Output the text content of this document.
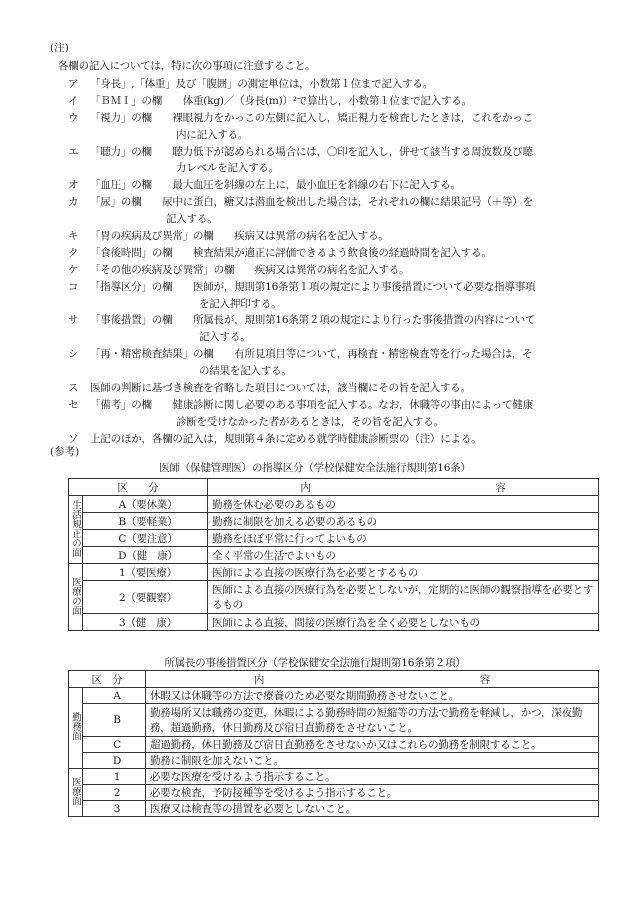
(注)
各欄の記入については，特に次の事項に注意すること。
ア 「身長」,「体重」及び「腹囲」の測定単位は，小数第１位まで記入する。
イ 「ＢＭＩ」の欄　　体重(kg)／（身長(m)）²で算出し，小数第１位まで記入する。
ウ 「視力」の欄　　裸眼視力をかっこの左側に記入し，矯正視力を検査したときは，これをかっこ
内に記入する。
エ 「聴力」の欄　　聴力低下が認められる場合には，〇印を記入し，併せて該当する周波数及び聴
力レベルを記入する。
オ 「血圧」の欄　　最大血圧を斜線の左上に，最小血圧を斜線の右下に記入する。
カ 「尿」の欄　　尿中に蛋白，糖又は潜血を検出した場合は，それぞれの欄に結果記号（＋等）を
記入する。
キ 「胃の疾病及び異常」の欄　　疾病又は異常の病名を記入する。
ク 「食後時間」の欄　　検査結果が適正に評価できるよう飲食後の経過時間を記入する。
ケ 「その他の疾病及び異常」の欄　　疾病又は異常の病名を記入する。
コ 「指導区分」の欄　　医師が，規則第16条第１項の規定により事後措置について必要な指導事項
を記入押印する。
サ 「事後措置」の欄　　所属長が，規則第16条第２項の規定により行った事後措置の内容について
記入する。
シ 「再・精密検査結果」の欄　　有所見項目等について，再検査・精密検査等を行った場合は，そ
の結果を記入する。
ス 医師の判断に基づき検査を省略した項目については，該当欄にその旨を記入する。
セ 「備考」の欄　　健康診断に関し必要のある事項を記入する。なお，休職等の事由によって健康
診断を受けなかった者があるときは，その旨を記入する。
ソ 上記のほか，各欄の記入は，規則第４条に定める就学時健康診断票の（注）による。
(参考)
医師（保健管理医）の指導区分（学校保健安全法施行規則第16条）
区　　分		内 容

生活規正の面	A（要休業）	勤務を休む必要のあるもの
	B（要軽業）	勤務に制限を加える必要のあるもの
	C（要注意）	勤務をほぼ平常に行ってよいもの
	D（健　康）	全く平常の生活でよいもの
医療の面	1（要医療）	医師による直接の医療行為を必要とするもの
	2（要観察）	医師による直接の医療行為を必要としないが，定期的に医師の観察指導を必要とするもの
	3（健　康）	医師による直接，間接の医療行為を全く必要としないもの
所属長の事後措置区分（学校保健安全法施行規則第16条第２項）
区　分		内 容

勤務面	A	休暇又は休職等の方法で療養のため必要な期間勤務させないこと。
	B	勤務場所又は職務の変更，休暇による勤務時間の短縮等の方法で勤務を軽減し，かつ，深夜勤務，超過勤務，休日勤務及び宿日直勤務をさせないこと。
	C	超過勤務，休日勤務及び宿日直勤務をさせないか又はこれらの勤務を制限すること。
	D	勤務に制限を加えないこと。
医療面	1	必要な医療を受けるよう指示すること。
	2	必要な検査，予防接種等を受けるよう指示すること。
	3	医療又は検査等の措置を必要としないこと。
